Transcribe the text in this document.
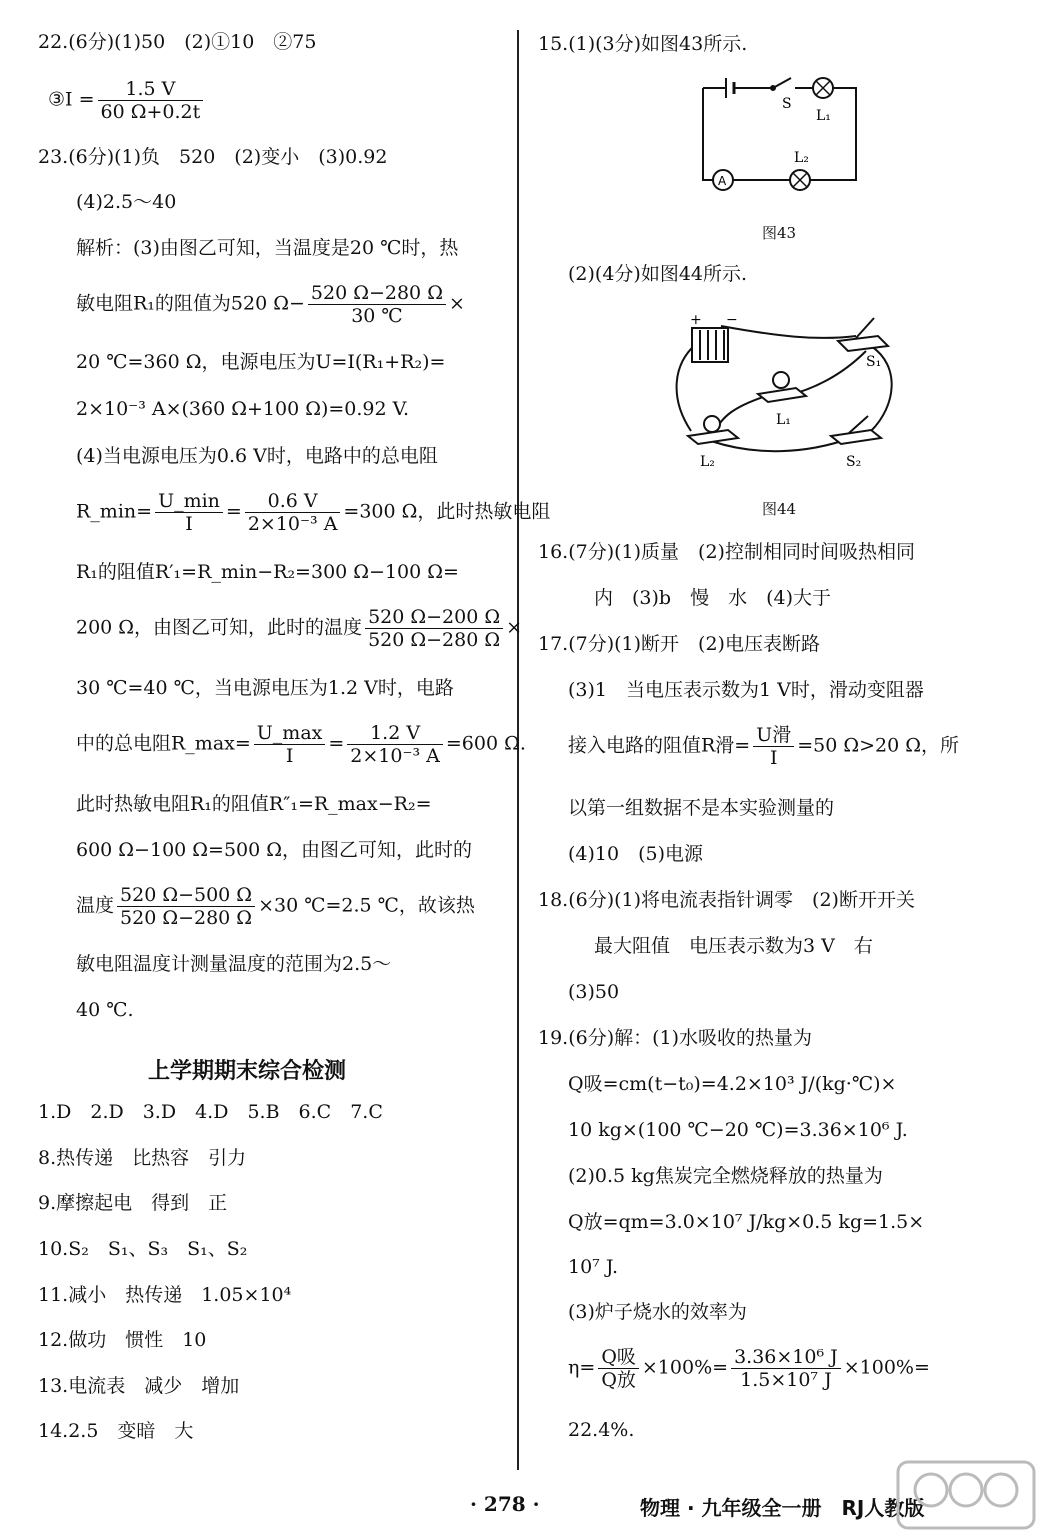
22.(6分)(1)50　(2)①10　②75
③I = $\frac{1.5 V}{60 \Omega+0.2t}$
23.(6分)(1)负　520　(2)变小　(3)0.92
(4)2.5～40
解析：(3)由图乙可知，当温度是20 ℃时，热
敏电阻R₁的阻值为520 $\Omega- \frac{520 \Omega-280 \Omega}{30 ℃}$ ×
20 ℃=360 Ω，电源电压为U=I(R₁+R₂)=
2×10⁻³ A×(360 Ω+100 Ω)=0.92 V.
(4)当电源电压为0.6 V时，电路中的总电阻
R_min= $\frac{U\_\min}{I} = \frac{0.6 V}{\text{2×10⁻³ A}} =300$ Ω，此时热敏电阻
R₁的阻值R′₁=R_min−R₂=300 Ω−100 Ω=
200 Ω，由图乙可知，此时的温度 $\frac{520 \Omega-200 \Omega}{520 \Omega-280 \Omega}$ ×
30 ℃=40 ℃，当电源电压为1.2 V时，电路
中的总电阻R_max= $\frac{U\_\max}{I} = \frac{1.2 V}{\text{2×10⁻³ A}} =600$ Ω.
此时热敏电阻R₁的阻值R″₁=R_max−R₂=
600 Ω−100 Ω=500 Ω，由图乙可知，此时的
温度 $\frac{520 \Omega-500 \Omega}{520 \Omega-280 \Omega} \times 30$ ℃=2.5 ℃，故该热
敏电阻温度计测量温度的范围为2.5～
40 ℃.
上学期期末综合检测
1.D　2.D　3.D　4.D　5.B　6.C　7.C
8.热传递　比热容　引力
9.摩擦起电　得到　正
10.S₂　S₁、S₃　S₁、S₂
11.减小　热传递　1.05×10⁴
12.做功　惯性　10
13.电流表　减少　增加
14.2.5　变暗　大
15.(1)(3分)如图43所示.
S
L₁
L₂
A
图43
(2)(4分)如图44所示.
+ −
S₁
L₁
L₂	S₂
图44
16.(7分)(1)质量　(2)控制相同时间吸热相同
内　(3)b　慢　水　(4)大于
17.(7分)(1)断开　(2)电压表断路
(3)1　当电压表示数为1 V时，滑动变阻器
接入电路的阻值R滑= $\frac{\text{U滑}}{I} =50$ Ω>20 Ω，所
以第一组数据不是本实验测量的
(4)10　(5)电源
18.(6分)(1)将电流表指针调零　(2)断开开关
最大阻值　电压表示数为3 V　右
(3)50
19.(6分)解：(1)水吸收的热量为
Q吸=cm(t−t₀)=4.2×10³ J/(kg·℃)×
10 kg×(100 ℃−20 ℃)=3.36×10⁶ J.
(2)0.5 kg焦炭完全燃烧释放的热量为
Q放=qm=3.0×10⁷ J/kg×0.5 kg=1.5×
10⁷ J.
(3)炉子烧水的效率为
$\eta= \frac{\text{Q吸}}{\text{Q放}} \times 100\%= \frac{\text{3.36×10⁶ J}}{\text{1.5×10⁷ J}} \times 100\%=$
22.4%.
· 278 ·	物理 · 九年级全一册　RJ人教版
